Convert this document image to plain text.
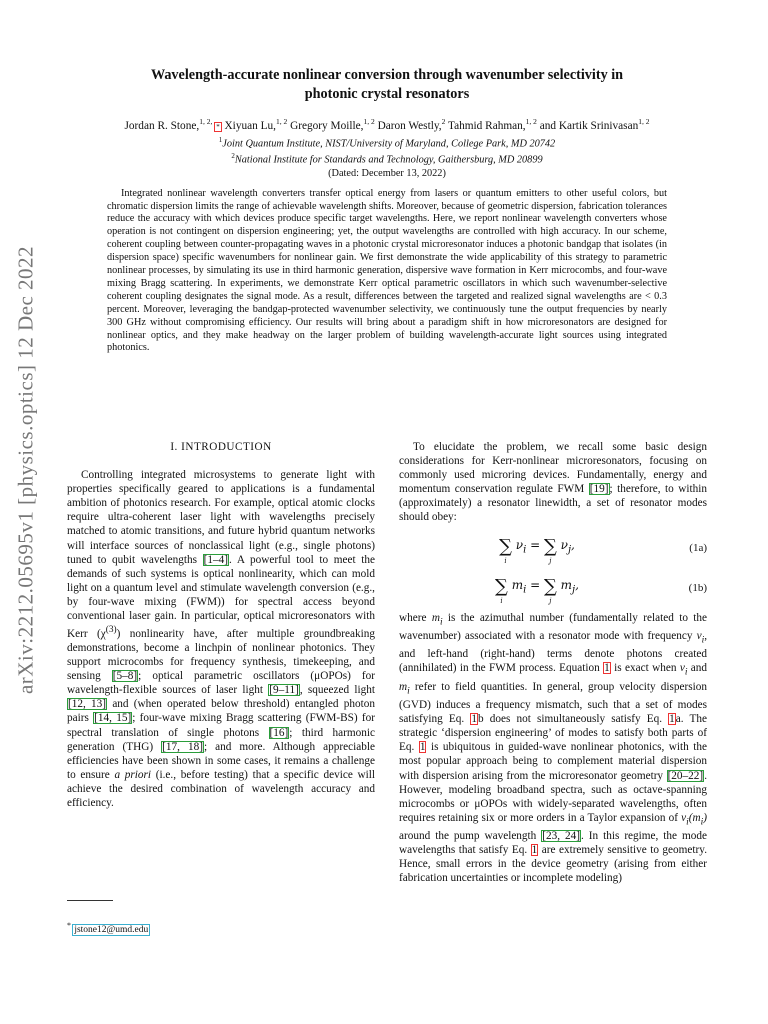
arXiv:2212.05695v1 [physics.optics] 12 Dec 2022
Wavelength-accurate nonlinear conversion through wavenumber selectivity in
photonic crystal resonators
Jordan R. Stone,$^{1, 2,}$ * Xiyuan Lu,$^{1, 2}$ Gregory Moille,$^{1, 2}$ Daron Westly,$^2$ Tahmid Rahman,$^{1, 2}$ and Kartik Srinivasan$^{1, 2}$
$^1$Joint Quantum Institute, NIST/University of Maryland, College Park, MD 20742
$^2$National Institute for Standards and Technology, Gaithersburg, MD 20899
(Dated: December 13, 2022)
Integrated nonlinear wavelength converters transfer optical energy from lasers or quantum emitters to other useful colors, but chromatic dispersion limits the range of achievable wavelength shifts. Moreover, because of geometric dispersion, fabrication tolerances reduce the accuracy with which devices produce specific target wavelengths. Here, we report nonlinear wavelength converters whose operation is not contingent on dispersion engineering; yet, the output wavelengths are controlled with high accuracy. In our scheme, coherent coupling between counter-propagating waves in a photonic crystal microresonator induces a photonic bandgap that isolates (in dispersion space) specific wavenumbers for nonlinear gain. We first demonstrate the wide applicability of this strategy to parametric nonlinear processes, by simulating its use in third harmonic generation, dispersive wave formation in Kerr microcombs, and four-wave mixing Bragg scattering. In experiments, we demonstrate Kerr optical parametric oscillators in which such wavenumber-selective coherent coupling designates the signal mode. As a result, differences between the targeted and realized signal wavelengths are < 0.3 percent. Moreover, leveraging the bandgap-protected wavenumber selectivity, we continuously tune the output frequencies by nearly 300 GHz without compromising efficiency. Our results will bring about a paradigm shift in how microresonators are designed for nonlinear optics, and they make headway on the larger problem of building wavelength-accurate light sources using integrated photonics.
I. INTRODUCTION

Controlling integrated microsystems to generate light with properties specifically geared to applications is a fundamental ambition of photonics research. For example, optical atomic clocks require ultra-coherent laser light with wavelengths precisely matched to atomic transitions, and future hybrid quantum networks will interface sources of nonclassical light (e.g., single photons) tuned to qubit wavelengths [1–4]. A powerful tool to meet the demands of such systems is optical nonlinearity, which can mold light on a quantum level and stimulate wavelength conversion (e.g., by four-wave mixing (FWM)) for spectral access beyond conventional laser gain. In particular, optical microresonators with Kerr $(\chi^{(3)})$ nonlinearity have, after multiple groundbreaking demonstrations, become a linchpin of nonlinear photonics. They support microcombs for frequency synthesis, timekeeping, and sensing [5–8]; optical parametric oscillators (μOPOs) for wavelength-flexible sources of laser light [9–11], squeezed light [12, 13] and (when operated below threshold) entangled photon pairs [14, 15]; four-wave mixing Bragg scattering (FWM-BS) for spectral translation of single photons [16]; third harmonic generation (THG) [17, 18]; and more. Although appreciable efficiencies have been shown in some cases, it remains a challenge to ensure a priori (i.e., before testing) that a specific device will achieve the desired combination of wavelength accuracy and efficiency.

To elucidate the problem, we recall some basic design considerations for Kerr-nonlinear microresonators, focusing on commonly used microring devices. Fundamentally, energy and momentum conservation regulate FWM [19]; therefore, to within (approximately) a resonator linewidth, a set of resonator modes should obey:

∑
i
$\nu_i$ = ∑
j
$\nu_j$,	(1a)
∑
i
$m_i$ = ∑
j
$m_j$,	(1b)

where $m_i$ is the azimuthal number (fundamentally related to the wavenumber) associated with a resonator mode with frequency $\nu_i$, and left-hand (right-hand) terms denote photons created (annihilated) in the FWM process. Equation 1 is exact when $\nu_i$ and $m_i$ refer to field quantities. In general, group velocity dispersion (GVD) induces a frequency mismatch, such that a set of modes satisfying Eq. 1b does not simultaneously satisfy Eq. 1a. The strategic ‘dispersion engineering’ of modes to satisfy both parts of Eq. 1 is ubiquitous in guided-wave nonlinear photonics, with the most popular approach being to complement material dispersion with dispersion arising from the microresonator geometry [20–22]. However, modeling broadband spectra, such as octave-spanning microcombs or μOPOs with widely-separated wavelengths, often requires retaining six or more orders in a Taylor expansion of $\nu_i(m_i)$ around the pump wavelength [23, 24]. In this regime, the mode wavelengths that satisfy Eq. 1 are extremely sensitive to geometry. Hence, small errors in the device geometry (arising from either fabrication uncertainties or incomplete modeling)

* jstone12@umd.edu
